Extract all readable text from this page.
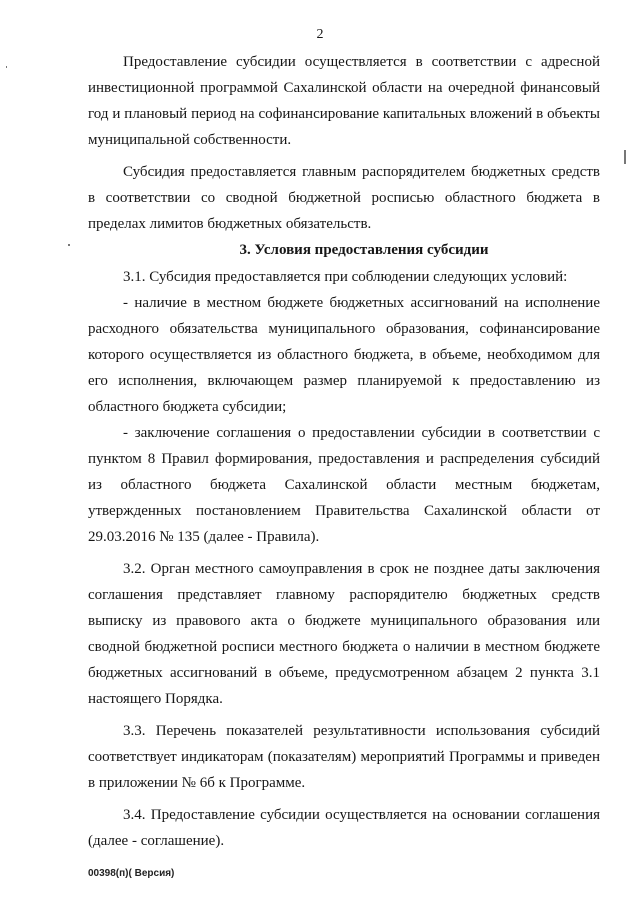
2

Предоставление субсидии осуществляется в соответствии с адресной инвестиционной программой Сахалинской области на очередной финансовый год и плановый период на софинансирование капитальных вложений в объекты муниципальной собственности.

Субсидия предоставляется главным распорядителем бюджетных средств в соответствии со сводной бюджетной росписью областного бюджета в пределах лимитов бюджетных обязательств.

3. Условия предоставления субсидии

3.1. Субсидия предоставляется при соблюдении следующих условий:

- наличие в местном бюджете бюджетных ассигнований на исполнение расходного обязательства муниципального образования, софинансирование которого осуществляется из областного бюджета, в объеме, необходимом для его исполнения, включающем размер планируемой к предоставлению из областного бюджета субсидии;

- заключение соглашения о предоставлении субсидии в соответствии с пунктом 8 Правил формирования, предоставления и распределения субсидий из областного бюджета Сахалинской области местным бюджетам, утвержденных постановлением Правительства Сахалинской области от 29.03.2016 № 135 (далее - Правила).

3.2. Орган местного самоуправления в срок не позднее даты заключения соглашения представляет главному распорядителю бюджетных средств выписку из правового акта о бюджете муниципального образования или сводной бюджетной росписи местного бюджета о наличии в местном бюджете бюджетных ассигнований в объеме, предусмотренном абзацем 2 пункта 3.1 настоящего Порядка.

3.3. Перечень показателей результативности использования субсидий соответствует индикаторам (показателям) мероприятий Программы и приведен в приложении № 6б к Программе.

3.4. Предоставление субсидии осуществляется на основании соглашения (далее - соглашение).

00398(п)( Версия)
